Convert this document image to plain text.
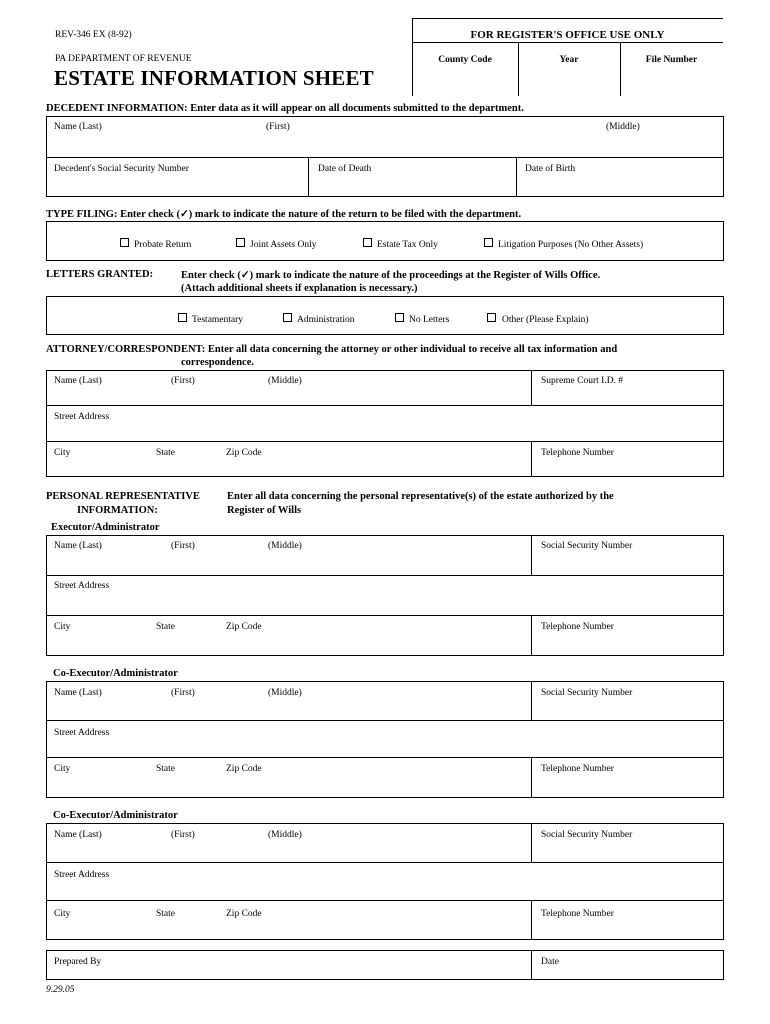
REV-346 EX (8-92)
PA DEPARTMENT OF REVENUE
ESTATE INFORMATION SHEET
FOR REGISTER'S OFFICE USE ONLY
County Code	Year	File Number
DECEDENT INFORMATION: Enter data as it will appear on all documents submitted to the department.
Name (Last)	(First)	(Middle)
Decedent's Social Security Number	Date of Death	Date of Birth
TYPE FILING: Enter check (✓) mark to indicate the nature of the return to be filed with the department.
Probate Return	Joint Assets Only	Estate Tax Only	Litigation Purposes (No Other Assets)
LETTERS GRANTED:	Enter check (✓) mark to indicate the nature of the proceedings at the Register of Wills Office.
(Attach additional sheets if explanation is necessary.)
Testamentary	Administration	No Letters	Other (Please Explain)
ATTORNEY/CORRESPONDENT: Enter all data concerning the attorney or other individual to receive all tax information and
correspondence.
Name (Last)	(First)	(Middle)	Supreme Court I.D. #
Street Address
City	State	Zip Code	Telephone Number
PERSONAL REPRESENTATIVE
INFORMATION:
Enter all data concerning the personal representative(s) of the estate authorized by the
Register of Wills
Executor/Administrator
Name (Last)	(First)	(Middle)	Social Security Number
Street Address
City	State	Zip Code	Telephone Number
Co-Executor/Administrator
Name (Last)	(First)	(Middle)	Social Security Number
Street Address
City	State	Zip Code	Telephone Number
Co-Executor/Administrator
Name (Last)	(First)	(Middle)	Social Security Number
Street Address
City	State	Zip Code	Telephone Number
Prepared By	Date
9.29.05
